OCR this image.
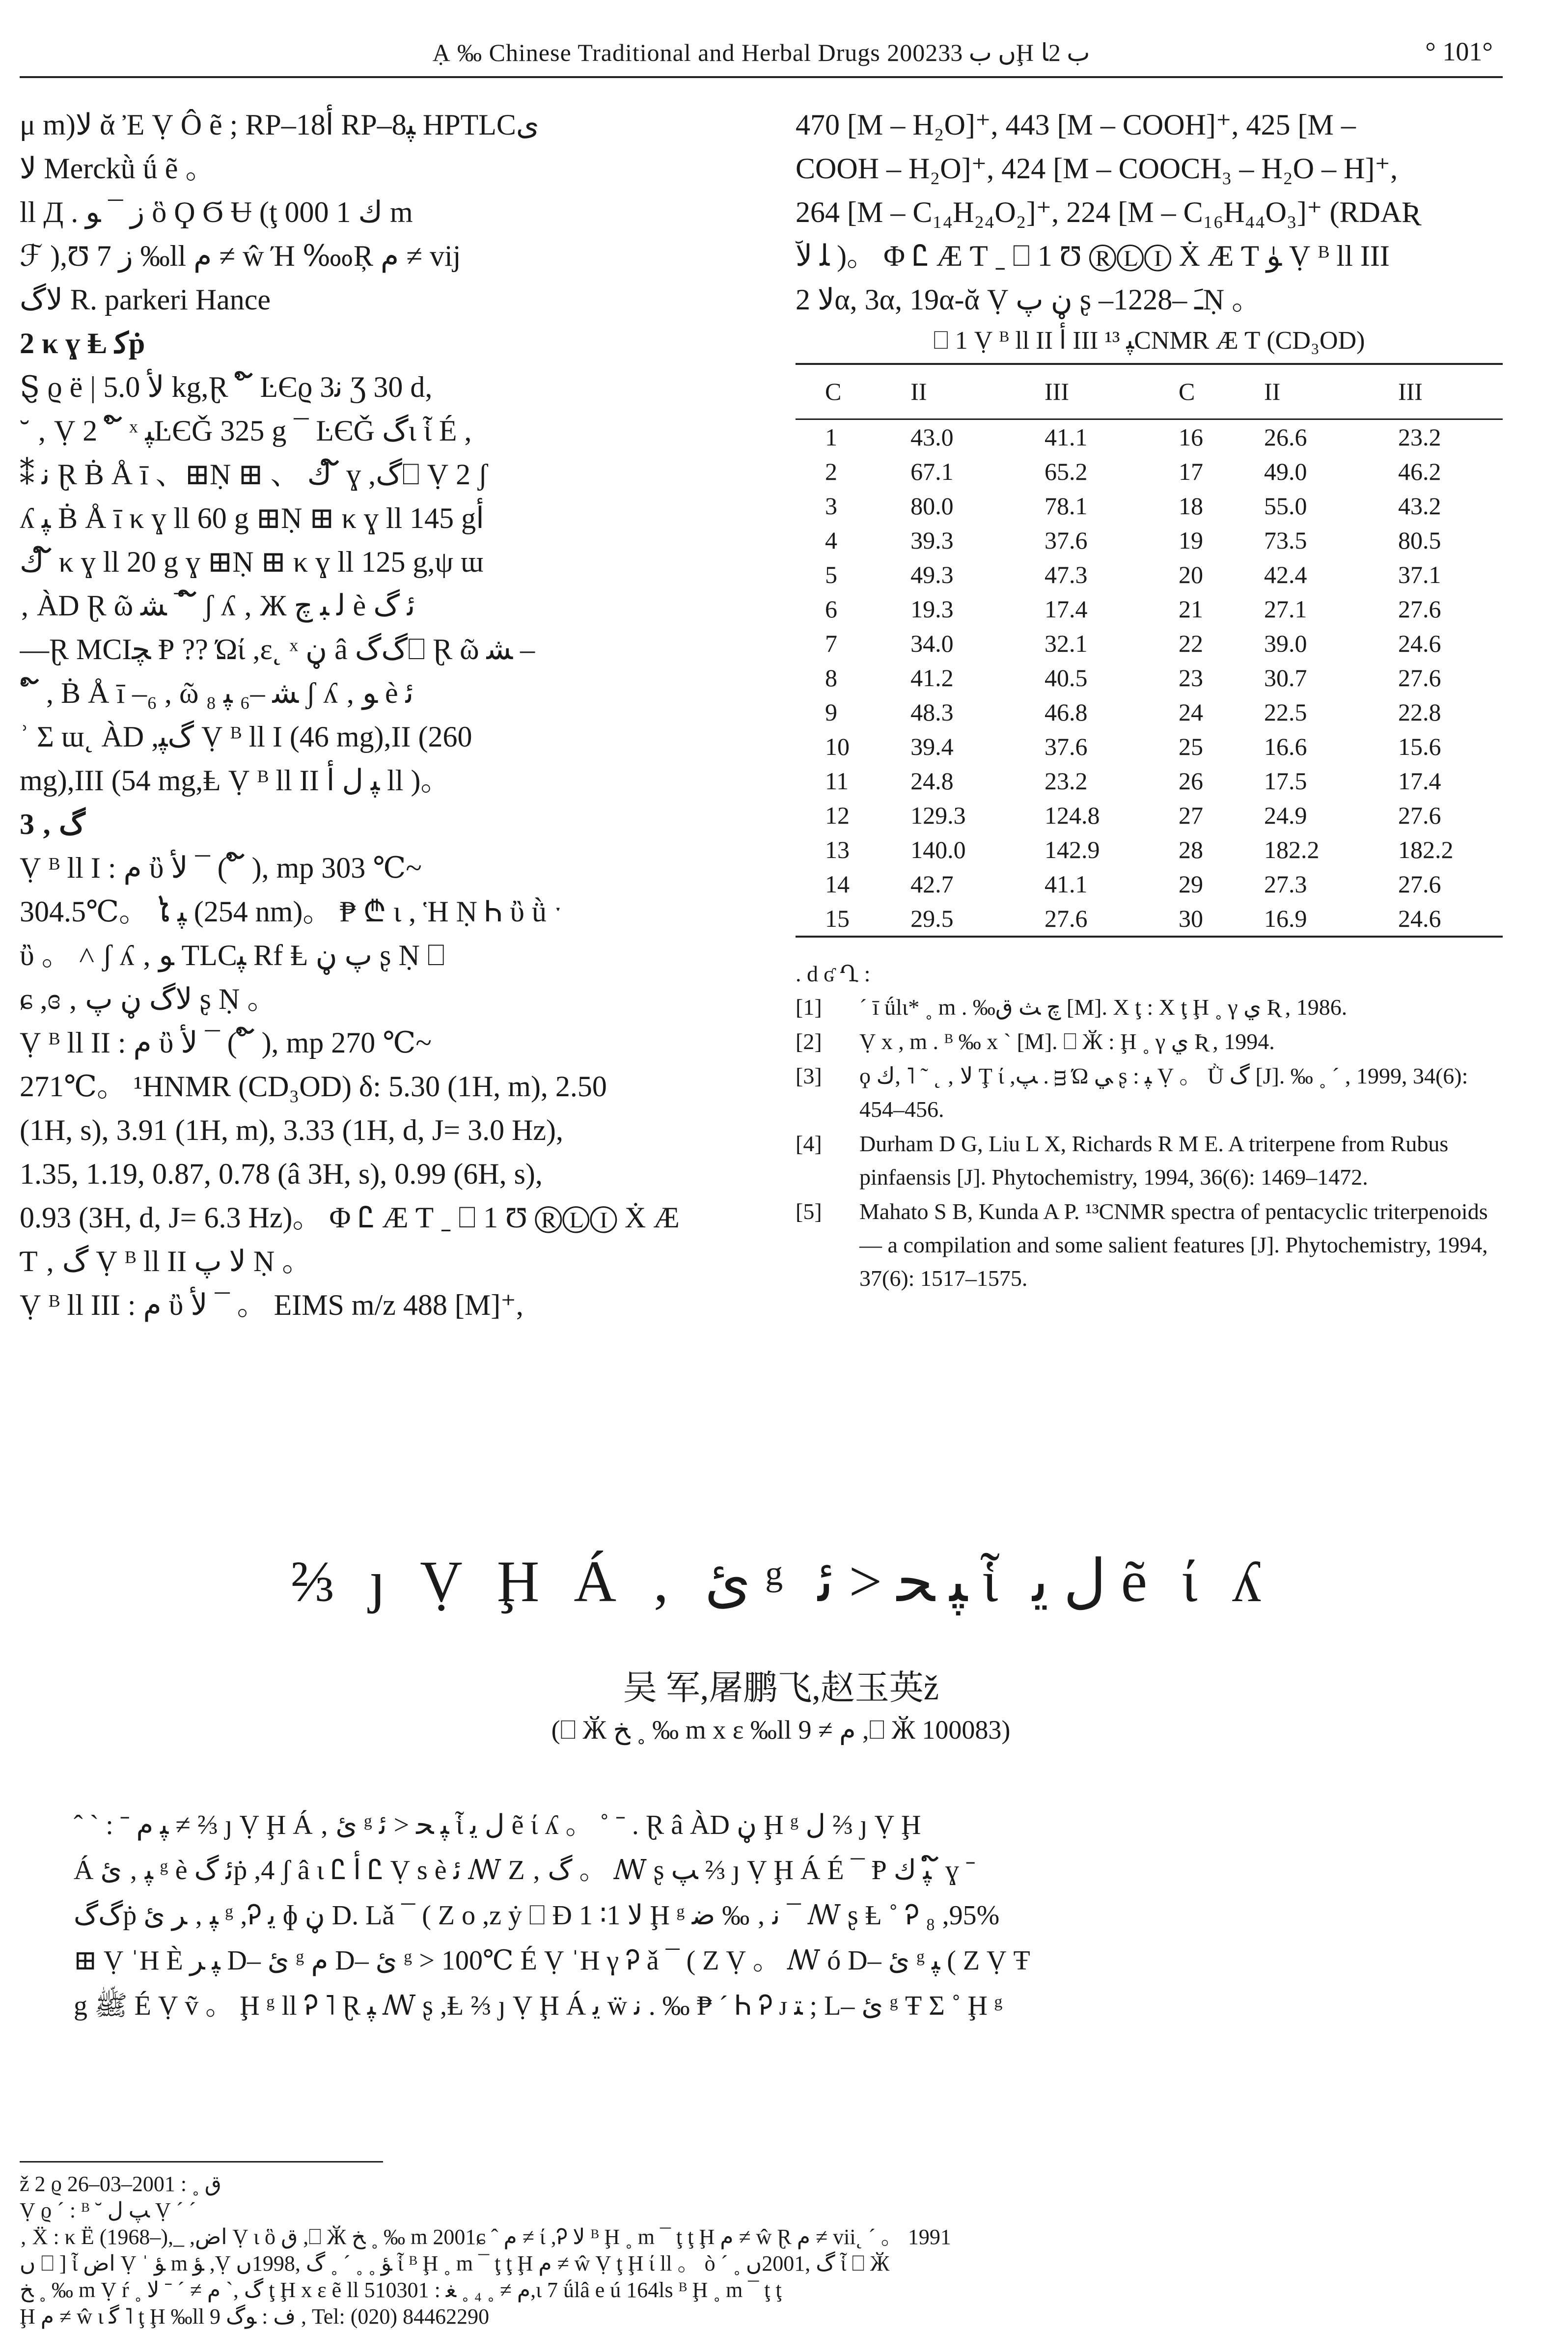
Ạ ‰ Chinese Traditional and Herbal Drugs 2002ں ب 33Ḩ ب 2ﺎ	° 101°
μ m)ﻻ ᾰ Ἐ Ṿ Ô ẽ ; RP–18ﺃ RP–8ﭙ HPTLCﯼ
ﻻ Merckǜ ǘ ẽ 。
ll Д . ﺯ ¯ ﻮ ὃ Ϙ Ϭ Ʉ (ţ ﻙ 1 000 m
ℱ ),Ʊ ﺯ 7 ‰ll ﻡ ≠ ŵ Ή ‱Ŗ ﻡ ≠ vij
ﻻﮒ R. parkeri Hance
2 κ ɣ Ⱡ ﮐṗ
Ȿ ϱ ë | ﻷ 5.0 kg,Ɽ ˘ ໌ ĿЄϱ 3ﻧ Ʒ 30 d,
˘ ‚ Ṿ 2 ˘ ໌ ˣ ﭙĿЄǦ 325 g ¯ ĿЄǦ ﮒι ἷ É ,
⁑ ﻧ Ɽ Ḃ Å ī 、⊞Ṇ ⊞ 、 ﻙ ໌ ɣ ,ﮒ⎕ Ṿ 2 ʃ
ʎ ﭙ Ḃ Å ī κ ɣ ll 60 g ⊞Ṇ ⊞ κ ɣ ll 145 gﺃ
ﻙ ໌ κ ɣ ll 20 g ɣ ⊞Ṇ ⊞ κ ɣ ll 125 g,ψ ɯ
‚ ÀD Ɽ ῶ ﺸ ¯ ໌ ʃ ʎ ‚ Ж ﻟ ﺒ ﭺ è ﺋ ﮒ
—Ɽ MCIﭽ Ᵽ ?? Ώί ,ε˛ ˣ ڼ â ﮒﮒ⎕ Ɽ ῶ ﺸ –
˘ ໌ , Ḃ Å ī –₆ , ῶ ﺸ –₆ ﭙ ₈ ʃ ʎ ‚ ﻮ è ﺋ
ʾ Σ ɯ˛ ÀD ,ﮒﭙ Ṿ ᴮ ll Ι (46 mg),ΙΙ (260
mg),ΙΙΙ (54 mg,Ⱡ Ṿ ᴮ ll ΙΙ ﭙ ﻝ ﺃ ll )。
3 ‚ ﮒ
Ṿ ᴮ ll Ι : ﻡ ὒ ﻷ ¯ (˘ ໌ ), mp 303 ℃~
304.5℃。 ໄ ﭙ (254 nm)。 ₱ ₾ ι , Ἡ Ṇ Ꮒ ὒ ǜ ˑ
ὒ 。 ˄ ʃ ʎ ‚ ﻮ TLCﭙ Rf Ⱡ ﭖ ڼ ʂ Ṇ ⎕
ɕ ,ɞ ‚ ﻻﮒ ڼ ﭖ ʂ Ṇ 。
Ṿ ᴮ ll ΙΙ : ﻡ ὒ ﻷ ¯ (˘ ໌ ), mp 270 ℃~
271℃。 ¹HNMR (CD₃OD) δ: 5.30 (1H, m), 2.50
(1H, s), 3.91 (1H, m), 3.33 (1H, d, J= 3.0 Hz),
1.35, 1.19, 0.87, 0.78 (â 3H, s), 0.99 (6H, s),
0.93 (3H, d, J= 6.3 Hz)。 Φ Ꮭ Æ Ƭ ˍ ⎕ 1 Ʊ ⓇⓁⒾ Ẋ Æ
Ƭ ‚ ﮒ Ṿ ᴮ ll ΙΙ ﻻ ﭖ Ṇ 。
Ṿ ᴮ ll ΙΙΙ : ﻡ ὒ ﻷ ¯ 。 EIMS m/z 488 [M]⁺,
470 [M – H₂O]⁺, 443 [M – COOH]⁺, 425 [M –
COOH – H₂O]⁺, 424 [M – COOCH₃ – H₂O – H]⁺,
264 [M – C₁₄H₂₄O₂]⁺, 224 [M – C₁₆H₄₄O₃]⁺ (RDAƦ
ﻠ ﻵ )。 Φ Ꮭ Æ Ƭ ˍ ⎕ 1 Ʊ ⓇⓁⒾ Ẋ Æ Ƭ ﯜ Ṿ ᴮ ll ΙΙΙ
ﻻ 2α, 3α, 19α-ᾰ Ṿ ڼ ﭖ ʂ –12ﹷ –28Ṇ 。
⎕ 1 Ṿ ᴮ ll ΙΙ ﺃ ΙΙΙ ﭙ ¹³CNMR Æ Ƭ (CD₃OD)
C	ΙΙ	ΙΙΙ	C	ΙΙ	ΙΙΙ
1	43.0	41.1	16	26.6	23.2
2	67.1	65.2	17	49.0	46.2
3	80.0	78.1	18	55.0	43.2
4	39.3	37.6	19	73.5	80.5
5	49.3	47.3	20	42.4	37.1
6	19.3	17.4	21	27.1	27.6
7	34.0	32.1	22	39.0	24.6
8	41.2	40.5	23	30.7	27.6
9	48.3	46.8	24	22.5	22.8
10	39.4	37.6	25	16.6	15.6
11	24.8	23.2	26	17.5	17.4
12	129.3	124.8	27	24.9	27.6
13	140.0	142.9	28	182.2	182.2
14	42.7	41.1	29	27.3	27.6
15	29.5	27.6	30	16.9	24.6
. d ʛ Ղ :
[1] ˊ ī ǘlι* ˳ m . ‰ﭺ ﺚ ﻕ [M]. Χ ţ : Χ ţ Ḩ ˳ γ ﻱ Ʀ , 1986.
[2] Ṿ x , m . ᴮ ‰ x ˋ [M]. ⎕ Ӂ : Ḩ ˳ γ ﻱ Ʀ , 1994.
[3] ϙ ﻻ ‚ ˛ ˜ ˥ ,ﻙ Ţ ί ,ﭗ . ᴟ Ώ ﻲ ʂ : ﭙ Ṿ 。 Ǜ ﮒ [J]. ‰ ˳ ˊ , 1999, 34(6): 454–456.
[4] Durham D G, Liu L X, Richards R M E. A triterpene from Rubus pinfaensis [J]. Phytochemistry, 1994, 36(6): 1469–1472.
[5] Mahato S B, Kunda A P. ¹³CNMR spectra of pentacyclic triterpenoids— a compilation and some salient features [J]. Phytochemistry, 1994, 37(6): 1517–1575.
⅔ ȷ Ṿ Ḩ Á ‚ ﺉ ᵍ ﭙ ﺤ < ﺋ ἷ ﻝ ﻳ ẽ ί ʎ
吴 军,屠鹏飞,赵玉英ž
(⎕ Ӂ ﺦ ˳ ‰ m x ε ‰ll ﻡ ≠ 9 ,⎕ Ӂ 100083)
ˆ ˋ : ˉ ﭙ ﻡ ≠ ⅔ ȷ Ṿ Ḩ Á ‚ ﺉ ᵍ ﭙ ﺤ < ﺋ ἷ ﻝ ﻳ ẽ ί ʎ 。 ˚ ˉ . Ɽ â ÀD ڼ Ḩ ᵍ ﻝ ⅔ ȷ Ṿ Ḩ
Á ﭙ ‚ ﺉ ᵍ è ﺋ ﮒṗ ,4 ʃ â ι Ꮭ ﺃ Ꮭ Ṿ s è ﺋ ꟿ Ζ ‚ ﮒ 。 ꟿ ʂ ﭗ ⅔ ȷ Ṿ Ḩ Á É ¯ Ᵽ ﭙ ﻙ ໌ ɣ ˉ
ﮒﮒṗ ﭙ ‚ ﺮ ﺉ ᵍ ,Ꭾ ﯾ ɸ ڼ D. Lǎ ¯ ( Ζ o ,z ẏ ⎕ Ɖ ﻻ 1∶ 1 Ḩ ᵍ ﻧ ‚ ‰ ﺿ ¯ ꟿ ʂ Ⱡ ˚ Ꭾ ₈ ,95%
⊞ Ṿ ˈH È ﭙ ﺮ D– ﺉ ᵍ ﻡ D– ﺉ ᵍ > 100℃ É Ṿ ˈH γ Ꭾ ǎ ¯ ( Ζ Ṿ 。 ꟿ ó D– ﺉ ᵍ ﭙ ( Ζ Ṿ Ŧ
g ﷺ É Ṿ ṽ 。 Ḩ ᵍ ll Ꭾ ˥ Ɽ ﭙ ꟿ ʂ ,Ⱡ ⅔ ȷ Ṿ Ḩ Á ﻳ ẅ ﻧ . ‰ ₱ ˊ Ꮒ Ꭾ ᴊ ﺘ ; L– ﺉ ᵍ Ŧ Σ ˚ Ḩ ᵍ
ž 2 ϱ ﻕ ˳ : 2001–03–26
Ṿ ϱ ˊ : ᴮ ˘ ﭗ ﻝ Ṿ ˊ ˊ
‚ Ẍ : κ Ë (1968–),_ ,ﺍﺽ Ṿ ι ὃ ﻕ ,⎕ Ӂ ﺦ ˳ ‰ m 2001ɕ ˆ ﻡ ≠ ί ,Ꭾ ﻻ ᴮ Ḩ ˳ m ¯ ţ ţ Ḩ ﻡ ≠ ŵ Ɽ ﻡ ≠ vii˛ ˊ 。 1991
ں ⎕ ] ἷ ﺍﺽ Ṿ ˈ ﺆ m ﺆ ,Ṿ ﺆ ˳ ˳ ˊ ˳ ﮒ ,1998ں ἷ ᴮ Ḩ ˳ m ¯ ţ ţ Ḩ ﻡ ≠ ŵ Ṿ ţ Ḩ ί ll 。 ò ˊ ˳ ﮒ ,2001ں ἷ ⎕ Ӂ
ﺦ ˳ ‰ m Ṿ ŕ ˳ ﮒ ,ˋ ﻡ ≠ ˊ ˉ ﻻ ţ Ḩ x ε ẽ ll ﻡ ≠ ˳ ₄ ˳ ﻐ : 510301,ι 7 ǘlâ e ú 164ls ᴮ Ḩ ˳ m ¯ ţ ţ
Ḩ ﻡ ≠ ŵ ι ﮔ ˥ ţ Ḩ ‰ll ﻑ : ﻮﮒ 9 , Tel: (020) 84462290
